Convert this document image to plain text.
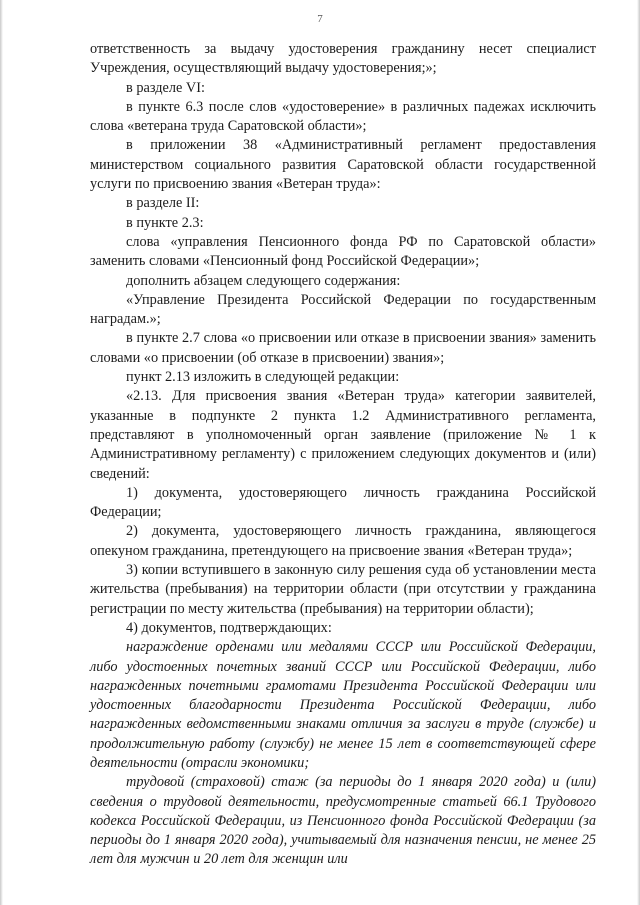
7

ответственность за выдачу удостоверения гражданину несет специалист Учреждения, осуществляющий выдачу удостоверения;»;

в разделе VI:

в пункте 6.3 после слов «удостоверение» в различных падежах исключить слова «ветерана труда Саратовской области»;

в приложении 38 «Административный регламент предоставления министерством социального развития Саратовской области государственной услуги по присвоению звания «Ветеран труда»:

в разделе II:

в пункте 2.3:

слова «управления Пенсионного фонда РФ по Саратовской области» заменить словами «Пенсионный фонд Российской Федерации»;

дополнить абзацем следующего содержания:

«Управление Президента Российской Федерации по государственным наградам.»;

в пункте 2.7 слова «о присвоении или отказе в присвоении звания» заменить словами «о присвоении (об отказе в присвоении) звания»;

пункт 2.13 изложить в следующей редакции:

«2.13. Для присвоения звания «Ветеран труда» категории заявителей, указанные в подпункте 2 пункта 1.2 Административного регламента, представляют в уполномоченный орган заявление (приложение № 1 к Административному регламенту) с приложением следующих документов и (или) сведений:

1) документа, удостоверяющего личность гражданина Российской Федерации;

2) документа, удостоверяющего личность гражданина, являющегося опекуном гражданина, претендующего на присвоение звания «Ветеран труда»;

3) копии вступившего в законную силу решения суда об установлении места жительства (пребывания) на территории области (при отсутствии у гражданина регистрации по месту жительства (пребывания) на территории области);

4) документов, подтверждающих:

награждение орденами или медалями СССР или Российской Федерации, либо удостоенных почетных званий СССР или Российской Федерации, либо награжденных почетными грамотами Президента Российской Федерации или удостоенных благодарности Президента Российской Федерации, либо награжденных ведомственными знаками отличия за заслуги в труде (службе) и продолжительную работу (службу) не менее 15 лет в соответствующей сфере деятельности (отрасли экономики;

трудовой (страховой) стаж (за периоды до 1 января 2020 года) и (или) сведения о трудовой деятельности, предусмотренные статьей 66.1 Трудового кодекса Российской Федерации, из Пенсионного фонда Российской Федерации (за периоды до 1 января 2020 года), учитываемый для назначения пенсии, не менее 25 лет для мужчин и 20 лет для женщин или
